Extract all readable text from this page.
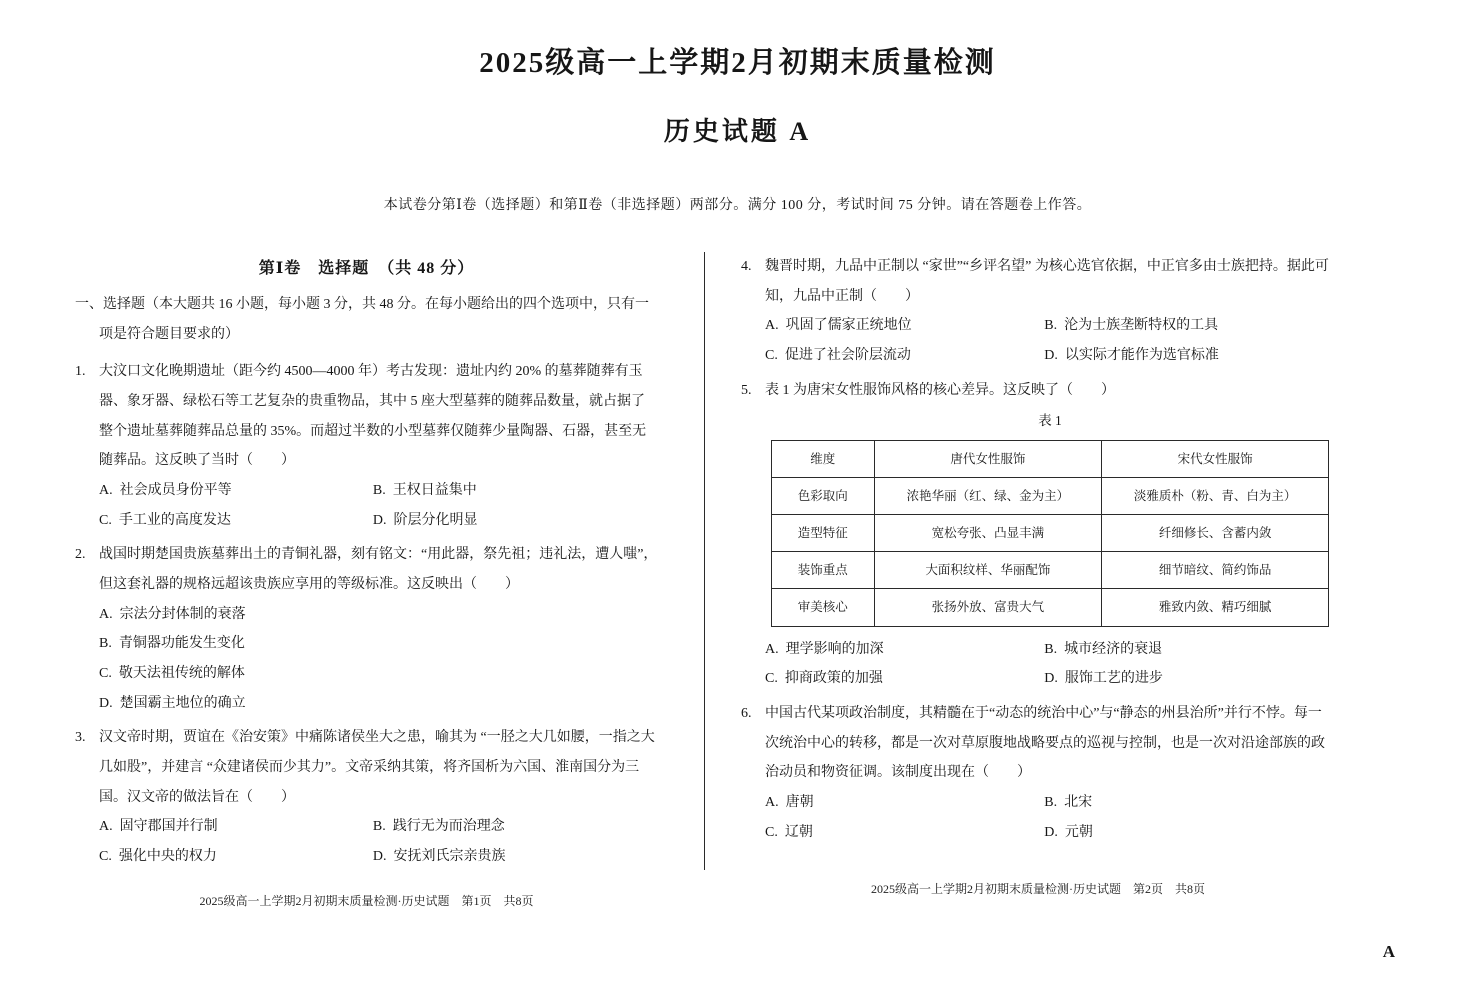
2025级高一上学期2月初期末质量检测
历史试题 A
本试卷分第Ⅰ卷（选择题）和第Ⅱ卷（非选择题）两部分。满分 100 分，考试时间 75 分钟。请在答题卷上作答。
第Ⅰ卷　选择题　（共 48 分）

一、选择题（本大题共 16 小题，每小题 3 分，共 48 分。在每小题给出的四个选项中，只有一项是符合题目要求的）

1. 大汶口文化晚期遗址（距今约 4500—4000 年）考古发现：遗址内约 20% 的墓葬随葬有玉器、象牙器、绿松石等工艺复杂的贵重物品，其中 5 座大型墓葬的随葬品数量，就占据了整个遗址墓葬随葬品总量的 35%。而超过半数的小型墓葬仅随葬少量陶器、石器，甚至无随葬品。这反映了当时（　　）
A. 社会成员身份平等	B. 王权日益集中
C. 手工业的高度发达	D. 阶层分化明显
2. 战国时期楚国贵族墓葬出土的青铜礼器，刻有铭文：“用此器，祭先祖；违礼法，遭人嗤”，但这套礼器的规格远超该贵族应享用的等级标准。这反映出（　　）
A. 宗法分封体制的衰落
B. 青铜器功能发生变化
C. 敬天法祖传统的解体
D. 楚国霸主地位的确立
3. 汉文帝时期，贾谊在《治安策》中痛陈诸侯坐大之患，喻其为 “一胫之大几如腰，一指之大几如股”，并建言 “众建诸侯而少其力”。文帝采纳其策，将齐国析为六国、淮南国分为三国。汉文帝的做法旨在（　　）
A. 固守郡国并行制	B. 践行无为而治理念
C. 强化中央的权力	D. 安抚刘氏宗亲贵族
2025级高一上学期2月初期末质量检测·历史试题　第1页　共8页
4. 魏晋时期，九品中正制以 “家世”“乡评名望” 为核心选官依据，中正官多由士族把持。据此可知，九品中正制（　　）
A. 巩固了儒家正统地位	B. 沦为士族垄断特权的工具
C. 促进了社会阶层流动	D. 以实际才能作为选官标准
5. 表 1 为唐宋女性服饰风格的核心差异。这反映了（　　）
表 1
维度	唐代女性服饰	宋代女性服饰
色彩取向	浓艳华丽（红、绿、金为主）	淡雅质朴（粉、青、白为主）
造型特征	宽松夸张、凸显丰满	纤细修长、含蓄内敛
装饰重点	大面积纹样、华丽配饰	细节暗纹、简约饰品
审美核心	张扬外放、富贵大气	雅致内敛、精巧细腻
A. 理学影响的加深	B. 城市经济的衰退
C. 抑商政策的加强	D. 服饰工艺的进步
6. 中国古代某项政治制度，其精髓在于“动态的统治中心”与“静态的州县治所”并行不悖。每一次统治中心的转移，都是一次对草原腹地战略要点的巡视与控制，也是一次对沿途部族的政治动员和物资征调。该制度出现在（　　）
A. 唐朝	B. 北宋
C. 辽朝	D. 元朝
2025级高一上学期2月初期末质量检测·历史试题　第2页　共8页
A
